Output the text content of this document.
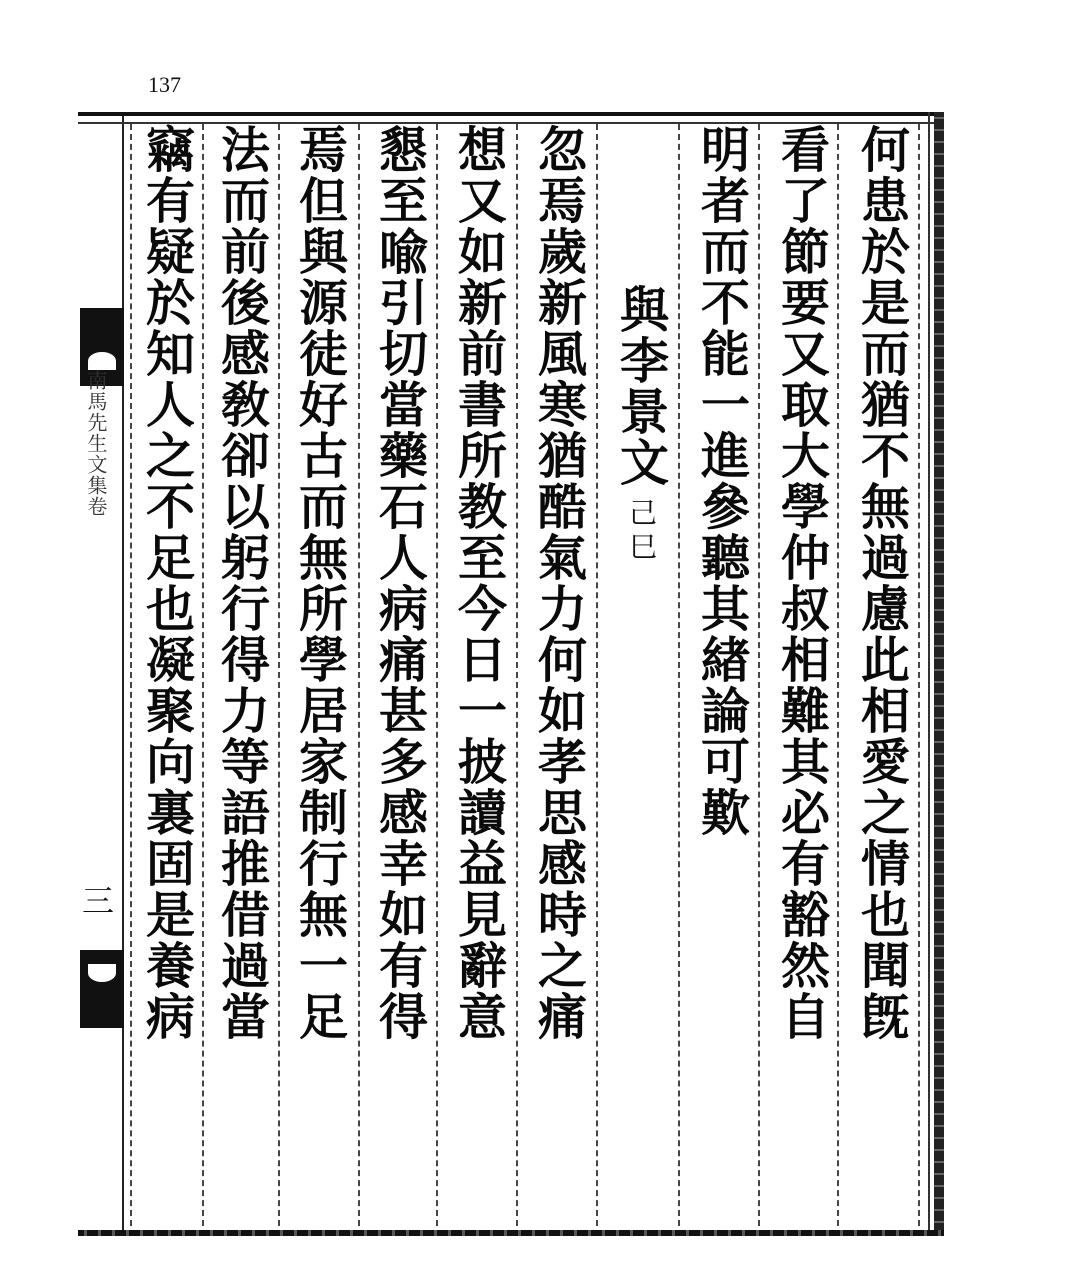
137
南馬先生文集卷
三	何患於是而猶不無過慮此相愛之情也聞旣
看了節要又取大學仲叔相難其必有豁然自
明者而不能一進參聽其緖論可歎
與李景文
己巳
忽焉歲新風寒猶酷氣力何如孝思感時之痛
想又如新前書所教至今日一披讀益見辭意
懇至喩引切當藥石人病痛甚多感幸如有得
焉但與源徒好古而無所學居家制行無一足
法而前後感敎卻以躬行得力等語推借過當
竊有疑於知人之不足也凝聚向裏固是養病
